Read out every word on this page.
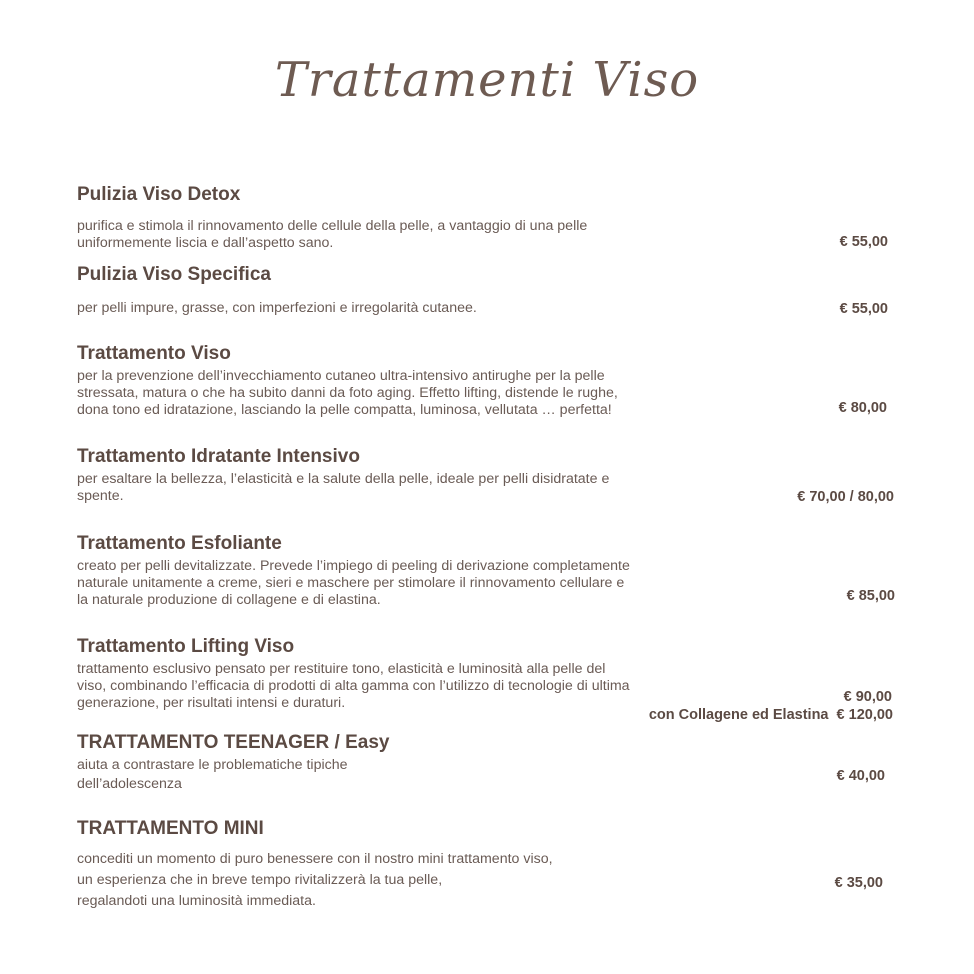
Trattamenti Viso
Pulizia Viso Detox
purifica e stimola il rinnovamento delle cellule della pelle, a vantaggio di una pelle
uniformemente liscia e dall’aspetto sano.	€ 55,00
Pulizia Viso Specifica
per pelli impure, grasse, con imperfezioni e irregolarità cutanee.	€ 55,00
Trattamento Viso
per la prevenzione dell’invecchiamento cutaneo ultra-intensivo antirughe per la pelle
stressata, matura o che ha subito danni da foto aging. Effetto lifting, distende le rughe,
dona tono ed idratazione, lasciando la pelle compatta, luminosa, vellutata … perfetta!	€ 80,00
Trattamento Idratante Intensivo
per esaltare la bellezza, l’elasticità e la salute della pelle, ideale per pelli disidratate e
spente.	€ 70,00 / 80,00
Trattamento Esfoliante
creato per pelli devitalizzate. Prevede l’impiego di peeling di derivazione completamente
naturale unitamente a creme, sieri e maschere per stimolare il rinnovamento cellulare e
la naturale produzione di collagene e di elastina.	€ 85,00
Trattamento Lifting Viso
trattamento esclusivo pensato per restituire tono, elasticità e luminosità alla pelle del
viso, combinando l’efficacia di prodotti di alta gamma con l’utilizzo di tecnologie di ultima
generazione, per risultati intensi e duraturi.	€ 90,00
con Collagene ed Elastina  € 120,00
TRATTAMENTO TEENAGER / Easy
aiuta a contrastare le problematiche tipiche
dell’adolescenza	€ 40,00
TRATTAMENTO MINI
concediti un momento di puro benessere con il nostro mini trattamento viso,
un esperienza che in breve tempo rivitalizzerà la tua pelle,
regalandoti una luminosità immediata.
€ 35,00
